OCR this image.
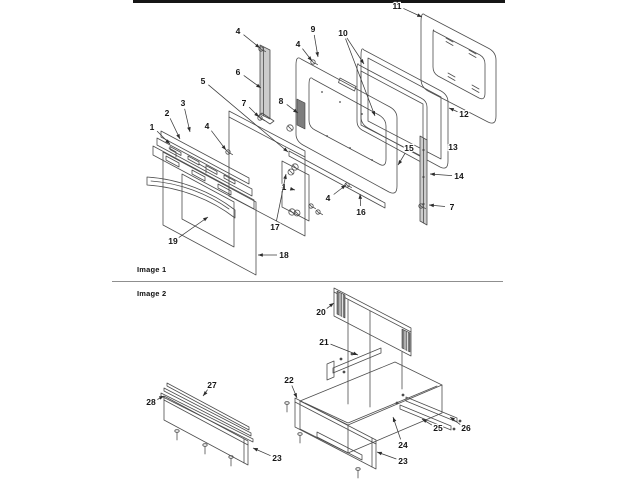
Image 1
Image 2
4	9	10
11
4
6
5
7	8
3
2
1	4
12
13
15
14
7
16
4
1
17
19
18
20
21
22
27
28
23	23
24
25 26
